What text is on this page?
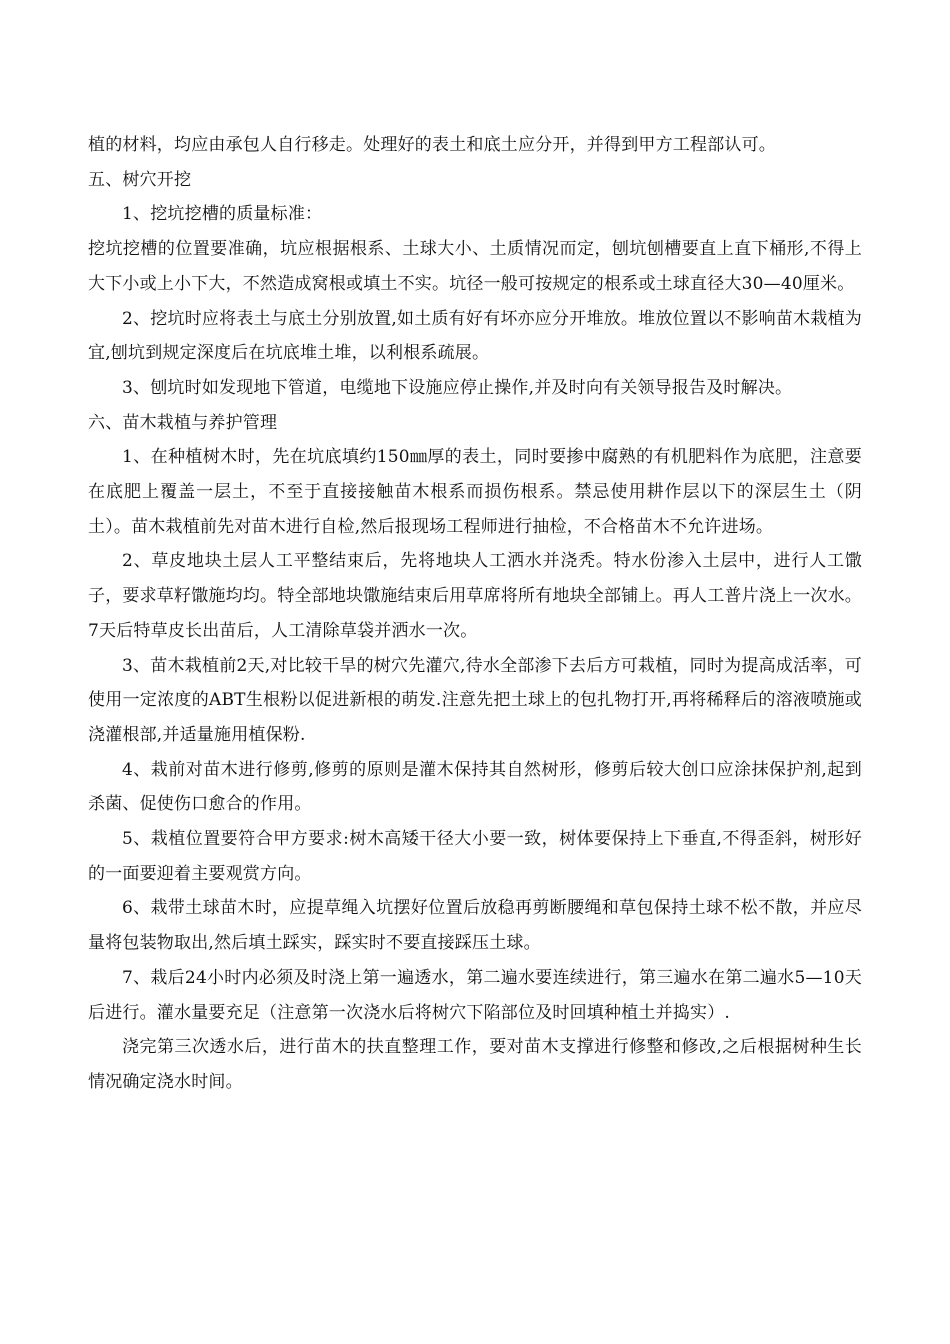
植的材料，均应由承包人自行移走。处理好的表土和底土应分开，并得到甲方工程部认可。

五、树穴开挖

1、挖坑挖槽的质量标准：

挖坑挖槽的位置要准确，坑应根据根系、土球大小、土质情况而定，刨坑刨槽要直上直下桶形,不得上大下小或上小下大，不然造成窝根或填土不实。坑径一般可按规定的根系或土球直径大30—40厘米。

2、挖坑时应将表土与底土分别放置,如土质有好有坏亦应分开堆放。堆放位置以不影响苗木栽植为宜,刨坑到规定深度后在坑底堆土堆，以利根系疏展。

3、刨坑时如发现地下管道，电缆地下设施应停止操作,并及时向有关领导报告及时解决。

六、苗木栽植与养护管理

1、在种植树木时，先在坑底填约150㎜厚的表土，同时要掺中腐熟的有机肥料作为底肥，注意要在底肥上覆盖一层土，不至于直接接触苗木根系而损伤根系。禁忌使用耕作层以下的深层生土（阴土）。苗木栽植前先对苗木进行自检,然后报现场工程师进行抽检，不合格苗木不允许进场。

2、草皮地块土层人工平整结束后，先将地块人工洒水并浇秃。特水份渗入土层中，进行人工馓子，要求草籽馓施均均。特全部地块馓施结束后用草席将所有地块全部铺上。再人工普片浇上一次水。7天后特草皮长出苗后，人工清除草袋并洒水一次。

3、苗木栽植前2天,对比较干旱的树穴先灌穴,待水全部渗下去后方可栽植，同时为提高成活率，可使用一定浓度的ABT生根粉以促进新根的萌发.注意先把土球上的包扎物打开,再将稀释后的溶液喷施或浇灌根部,并适量施用植保粉.

4、栽前对苗木进行修剪,修剪的原则是灌木保持其自然树形，修剪后较大创口应涂抹保护剂,起到杀菌、促使伤口愈合的作用。

5、栽植位置要符合甲方要求:树木高矮干径大小要一致，树体要保持上下垂直,不得歪斜，树形好的一面要迎着主要观赏方向。

6、栽带土球苗木时，应提草绳入坑摆好位置后放稳再剪断腰绳和草包保持土球不松不散，并应尽量将包装物取出,然后填土踩实，踩实时不要直接踩压土球。

7、栽后24小时内必须及时浇上第一遍透水，第二遍水要连续进行，第三遍水在第二遍水5—10天后进行。灌水量要充足（注意第一次浇水后将树穴下陷部位及时回填种植土并捣实）.

浇完第三次透水后，进行苗木的扶直整理工作，要对苗木支撑进行修整和修改,之后根据树种生长情况确定浇水时间。
